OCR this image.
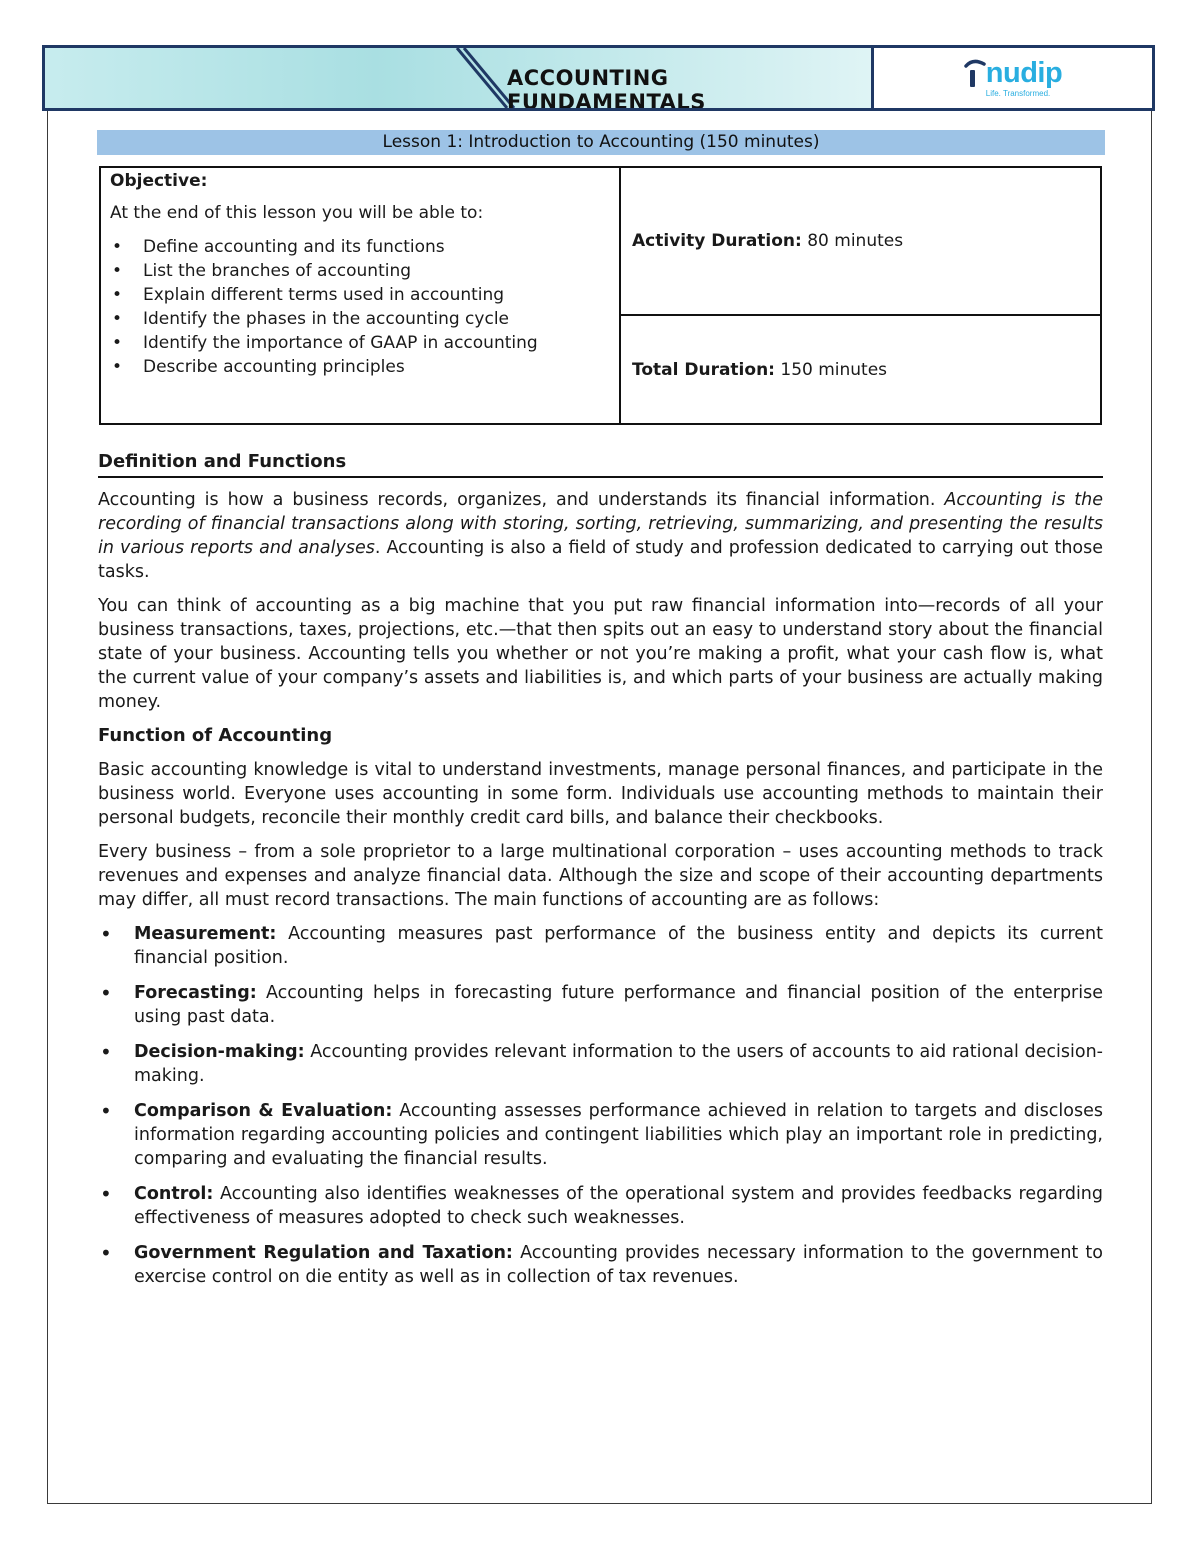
ACCOUNTING FUNDAMENTALS
nudip
Life. Transformed.
Lesson 1: Introduction to Accounting (150 minutes)

Objective:

At the end of this lesson you will be able to:

• Define accounting and its functions
• List the branches of accounting
• Explain different terms used in accounting
• Identify the phases in the accounting cycle
• Identify the importance of GAAP in accounting
• Describe accounting principles
	Activity Duration: 80 minutes
Total Duration: 150 minutes
Definition and Functions

Accounting is how a business records, organizes, and understands its financial information. Accounting is the recording of financial transactions along with storing, sorting, retrieving, summarizing, and presenting the results in various reports and analyses. Accounting is also a field of study and profession dedicated to carrying out those tasks.

You can think of accounting as a big machine that you put raw financial information into—records of all your business transactions, taxes, projections, etc.—that then spits out an easy to understand story about the financial state of your business. Accounting tells you whether or not you’re making a profit, what your cash flow is, what the current value of your company’s assets and liabilities is, and which parts of your business are actually making money.

Function of Accounting

Basic accounting knowledge is vital to understand investments, manage personal finances, and participate in the business world. Everyone uses accounting in some form. Individuals use accounting methods to maintain their personal budgets, reconcile their monthly credit card bills, and balance their checkbooks.

Every business – from a sole proprietor to a large multinational corporation – uses accounting methods to track revenues and expenses and analyze financial data. Although the size and scope of their accounting departments may differ, all must record transactions. The main functions of accounting are as follows:

• Measurement: Accounting measures past performance of the business entity and depicts its current financial position.
• Forecasting: Accounting helps in forecasting future performance and financial position of the enterprise using past data.
• Decision-making: Accounting provides relevant information to the users of accounts to aid rational decision-making.
• Comparison & Evaluation: Accounting assesses performance achieved in relation to targets and discloses information regarding accounting policies and contingent liabilities which play an important role in predicting, comparing and evaluating the financial results.
• Control: Accounting also identifies weaknesses of the operational system and provides feedbacks regarding effectiveness of measures adopted to check such weaknesses.
• Government Regulation and Taxation: Accounting provides necessary information to the government to exercise control on die entity as well as in collection of tax revenues.
